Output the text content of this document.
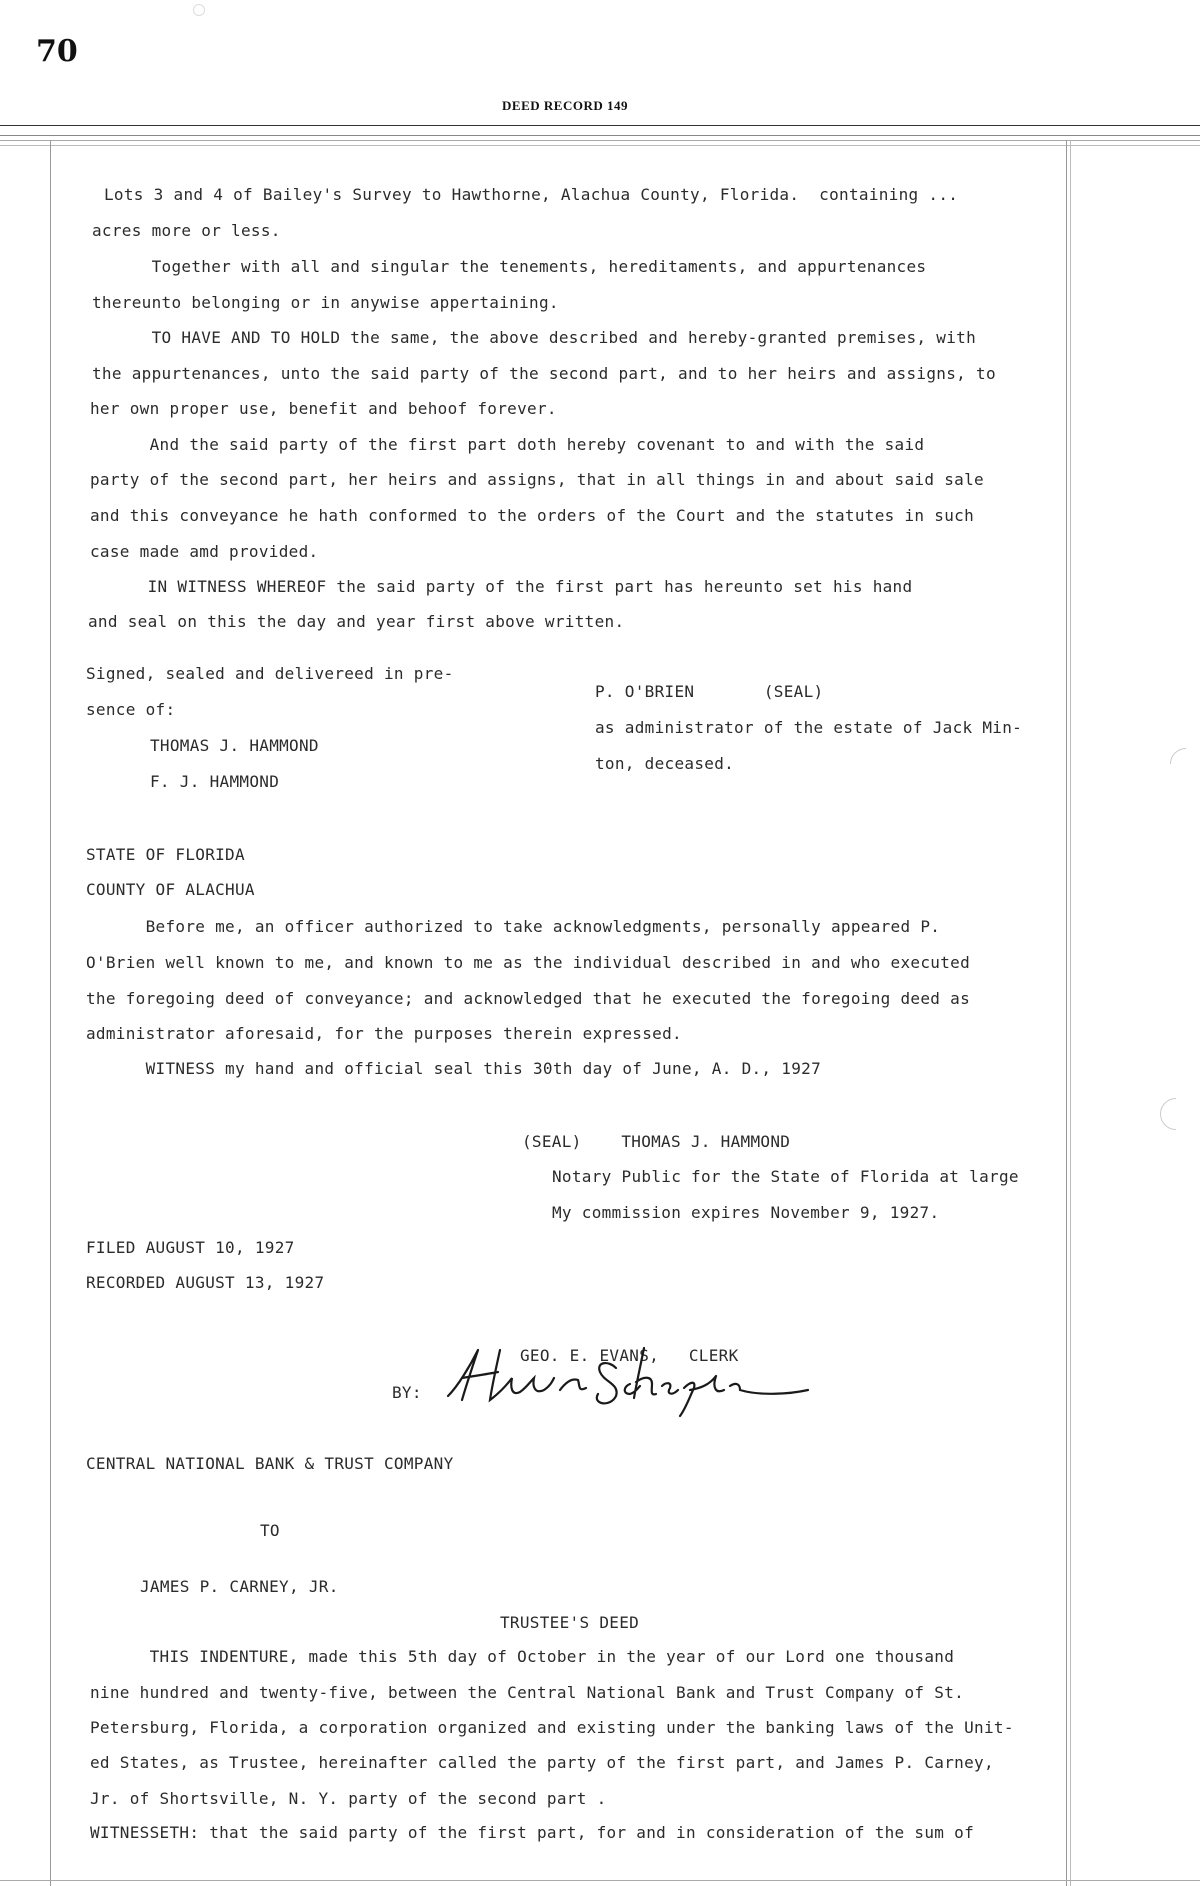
70
DEED RECORD 149
Lots 3 and 4 of Bailey's Survey to Hawthorne, Alachua County, Florida.  containing ...
acres more or less.
Together with all and singular the tenements, hereditaments, and appurtenances
thereunto belonging or in anywise appertaining.
TO HAVE AND TO HOLD the same, the above described and hereby-granted premises, with
the appurtenances, unto the said party of the second part, and to her heirs and assigns, to
her own proper use, benefit and behoof forever.
And the said party of the first part doth hereby covenant to and with the said
party of the second part, her heirs and assigns, that in all things in and about said sale
and this conveyance he hath conformed to the orders of the Court and the statutes in such
case made amd provided.
IN WITNESS WHEREOF the said party of the first part has hereunto set his hand
and seal on this the day and year first above written.
Signed, sealed and delivereed in pre-
sence of:
THOMAS J. HAMMOND
F. J. HAMMOND
P. O'BRIEN       (SEAL)
as administrator of the estate of Jack Min-
ton, deceased.
STATE OF FLORIDA
COUNTY OF ALACHUA
Before me, an officer authorized to take acknowledgments, personally appeared P.
O'Brien well known to me, and known to me as the individual described in and who executed
the foregoing deed of conveyance; and acknowledged that he executed the foregoing deed as
administrator aforesaid, for the purposes therein expressed.
WITNESS my hand and official seal this 30th day of June, A. D., 1927
(SEAL)    THOMAS J. HAMMOND
Notary Public for the State of Florida at large
My commission expires November 9, 1927.
FILED AUGUST 10, 1927
RECORDED AUGUST 13, 1927
GEO. E. EVANS,   CLERK
BY:
CENTRAL NATIONAL BANK & TRUST COMPANY
TO
JAMES P. CARNEY, JR.
TRUSTEE'S DEED
THIS INDENTURE, made this 5th day of October in the year of our Lord one thousand
nine hundred and twenty-five, between the Central National Bank and Trust Company of St.
Petersburg, Florida, a corporation organized and existing under the banking laws of the Unit-
ed States, as Trustee, hereinafter called the party of the first part, and James P. Carney,
Jr. of Shortsville, N. Y. party of the second part .
WITNESSETH: that the said party of the first part, for and in consideration of the sum of
